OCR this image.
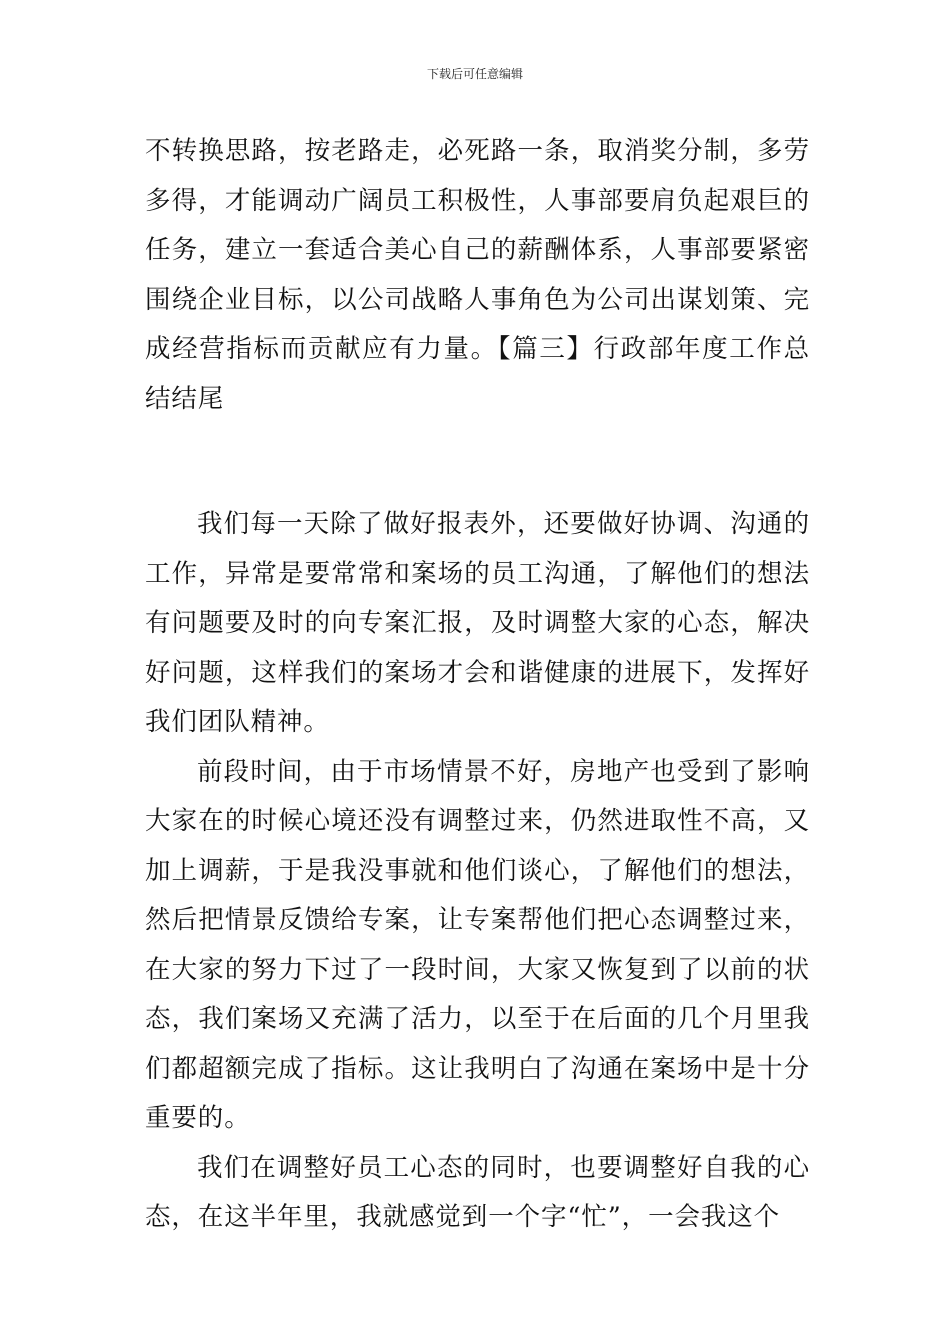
下载后可任意编辑

不转换思路，按老路走，必死路一条，取消奖分制，多劳多得，才能调动广阔员工积极性，人事部要肩负起艰巨的任务，建立一套适合美心自己的薪酬体系，人事部要紧密围绕企业目标，以公司战略人事角色为公司出谋划策、完成经营指标而贡献应有力量。【篇三】行政部年度工作总结结尾

我们每一天除了做好报表外，还要做好协调、沟通的工作，异常是要常常和案场的员工沟通，了解他们的想法有问题要及时的向专案汇报，及时调整大家的心态，解决好问题，这样我们的案场才会和谐健康的进展下，发挥好我们团队精神。

前段时间，由于市场情景不好，房地产也受到了影响大家在的时候心境还没有调整过来，仍然进取性不高，又加上调薪，于是我没事就和他们谈心，了解他们的想法，然后把情景反馈给专案，让专案帮他们把心态调整过来，在大家的努力下过了一段时间，大家又恢复到了以前的状态，我们案场又充满了活力，以至于在后面的几个月里我们都超额完成了指标。这让我明白了沟通在案场中是十分重要的。

我们在调整好员工心态的同时，也要调整好自我的心态，在这半年里，我就感觉到一个字“忙”，一会我这个
